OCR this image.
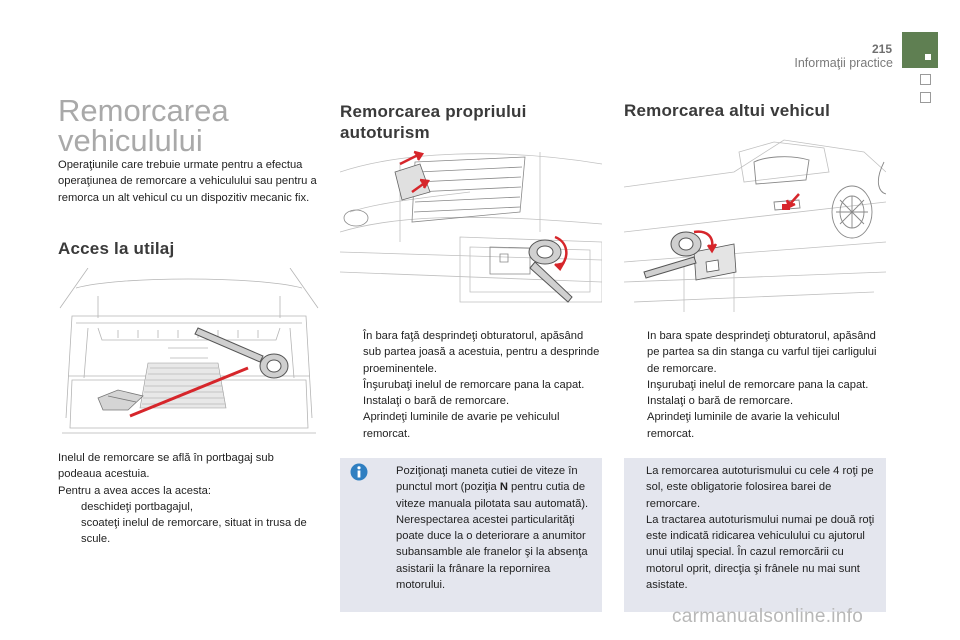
215
Informaţii practice
Remorcarea
vehiculului

Operaţiunile care trebuie urmate pentru a efectua operaţiunea de remorcare a vehiculului sau pentru a remorca un alt vehicul cu un dispozitiv mecanic fix.

Acces la utilaj

Inelul de remorcare se află în portbagaj sub podeaua acestuia.

Pentru a avea acces la acesta:

deschideţi portbagajul,
scoateţi inelul de remorcare, situat in trusa de scule.
Remorcarea propriului autoturism
În bara faţă desprindeţi obturatorul, apăsând sub partea joasă a acestuia, pentru a desprinde proeminentele.
Înşurubaţi inelul de remorcare pana la capat.
Instalaţi o bară de remorcare.
Aprindeţi luminile de avarie pe vehiculul remorcat.
Poziţionaţi maneta cutiei de viteze în punctul mort (poziţia N pentru cutia de viteze manuala pilotata sau automată).
Nerespectarea acestei particularităţi poate duce la o deteriorare a anumitor subansamble ale franelor şi la absenţa asistarii la frânare la repornirea motorului.
Remorcarea altui vehicul
In bara spate desprindeţi obturatorul, apăsând pe partea sa din stanga cu varful tijei carligului de remorcare.
Inşurubaţi inelul de remorcare pana la capat.
Instalaţi o bară de remorcare.
Aprindeţi luminile de avarie la vehiculul remorcat.

La remorcarea autoturismului cu cele 4 roţi pe sol, este obligatorie folosirea barei de remorcare.

La tractarea autoturismului numai pe două roţi este indicată ridicarea vehiculului cu ajutorul unui utilaj special. În cazul remorcării cu motorul oprit, direcţia şi frânele nu mai sunt asistate.

carmanualsonline.info
